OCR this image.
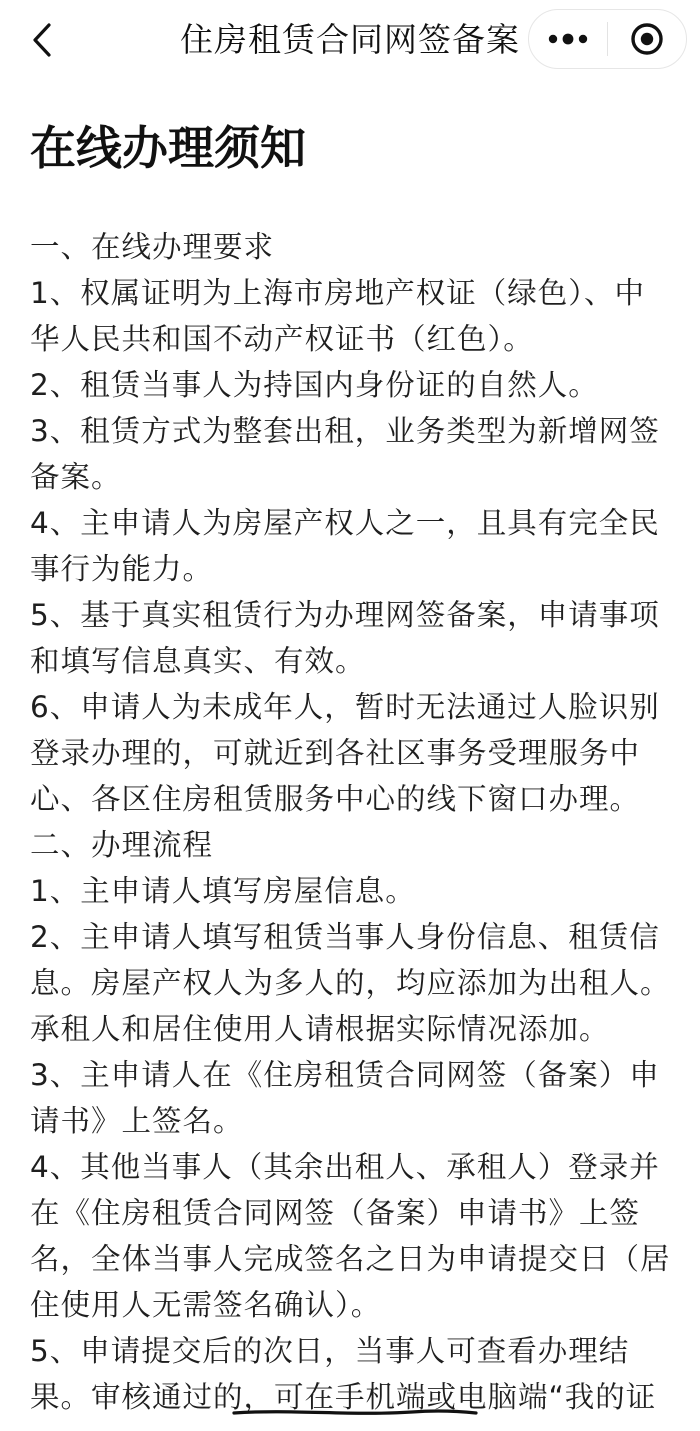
住房租赁合同网签备案
在线办理须知

一、在线办理要求

1、权属证明为上海市房地产权证（绿色）、中华人民共和国不动产权证书（红色）。

2、租赁当事人为持国内身份证的自然人。

3、租赁方式为整套出租，业务类型为新增网签备案。

4、主申请人为房屋产权人之一，且具有完全民事行为能力。

5、基于真实租赁行为办理网签备案，申请事项和填写信息真实、有效。

6、申请人为未成年人，暂时无法通过人脸识别登录办理的，可就近到各社区事务受理服务中心、各区住房租赁服务中心的线下窗口办理。

二、办理流程

1、主申请人填写房屋信息。

2、主申请人填写租赁当事人身份信息、租赁信息。房屋产权人为多人的，均应添加为出租人。承租人和居住使用人请根据实际情况添加。

3、主申请人在《住房租赁合同网签（备案）申请书》上签名。

4、其他当事人（其余出租人、承租人）登录并在《住房租赁合同网签（备案）申请书》上签名，全体当事人完成签名之日为申请提交日（居住使用人无需签名确认）。

5、申请提交后的次日，当事人可查看办理结果。审核通过的，可在手机端或电脑端“我的证
